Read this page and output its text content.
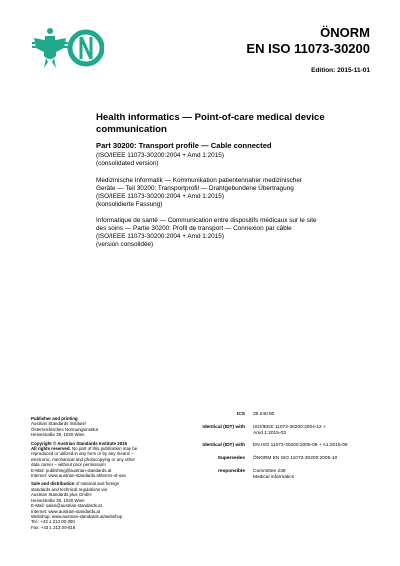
ÖNORM
EN ISO 11073-30200
Edition: 2015-11-01
Health informatics — Point-of-care medical device
communication
Part 30200: Transport profile — Cable connected
(ISO/IEEE 11073-30200:2004 + Amd 1:2015)
(consolidated version)
Medizinische Informatik — Kommunikation patientennaher medizinischer
Geräte — Teil 30200: Transportprofil — Drahtgebundene Übertragung
(ISO/IEEE 11073-30200:2004 + Amd 1:2015)
(konsolidierte Fassung)
Informatique de santé — Communication entre dispositifs médicaux sur le site
des soins — Partie 30200: Profil de transport — Connexion par câble
(ISO/IEEE 11073-30200:2004 + Amd 1:2015)
(version consolidée)
Publisher and printing
Austrian Standards Institute/
Österreichisches Normungsinstitut
Heinestraße 38, 1020 Wien
Copyright © Austrian Standards Institute 2015
All rights reserved. No part of this publication may be
reproduced or utilized in any form or by any means –
electronic, mechanical and photocopying or any other
data carrier – without prior permission!
E-Mail: publishing@austrian-standards.at
Internet: www.austrian-standards.at/terms-of-use
Sale and distribution of national and foreign
standards and technical regulations via
Austrian Standards plus GmbH
Heinestraße 38, 1020 Wien
E-Mail: sales@austrian-standards.at
Internet: www.austrian-standards.at
Webshop: www.austrian-standards.at/webshop
Tel.: +43 1 213 00-300
Fax: +43 1 213 00-818
ICS	35.240.80
Identical (IDT) with	ISO/IEEE 11073-30200:2004-12 +
Amd 1:2015-03
Identical (IDT) with	EN ISO 11073-30200:2005-08 + A1:2015-09
Supersedes	ÖNORM EN ISO 11073-30200:2005-10
responsible	Committee 238
Medical informatics
